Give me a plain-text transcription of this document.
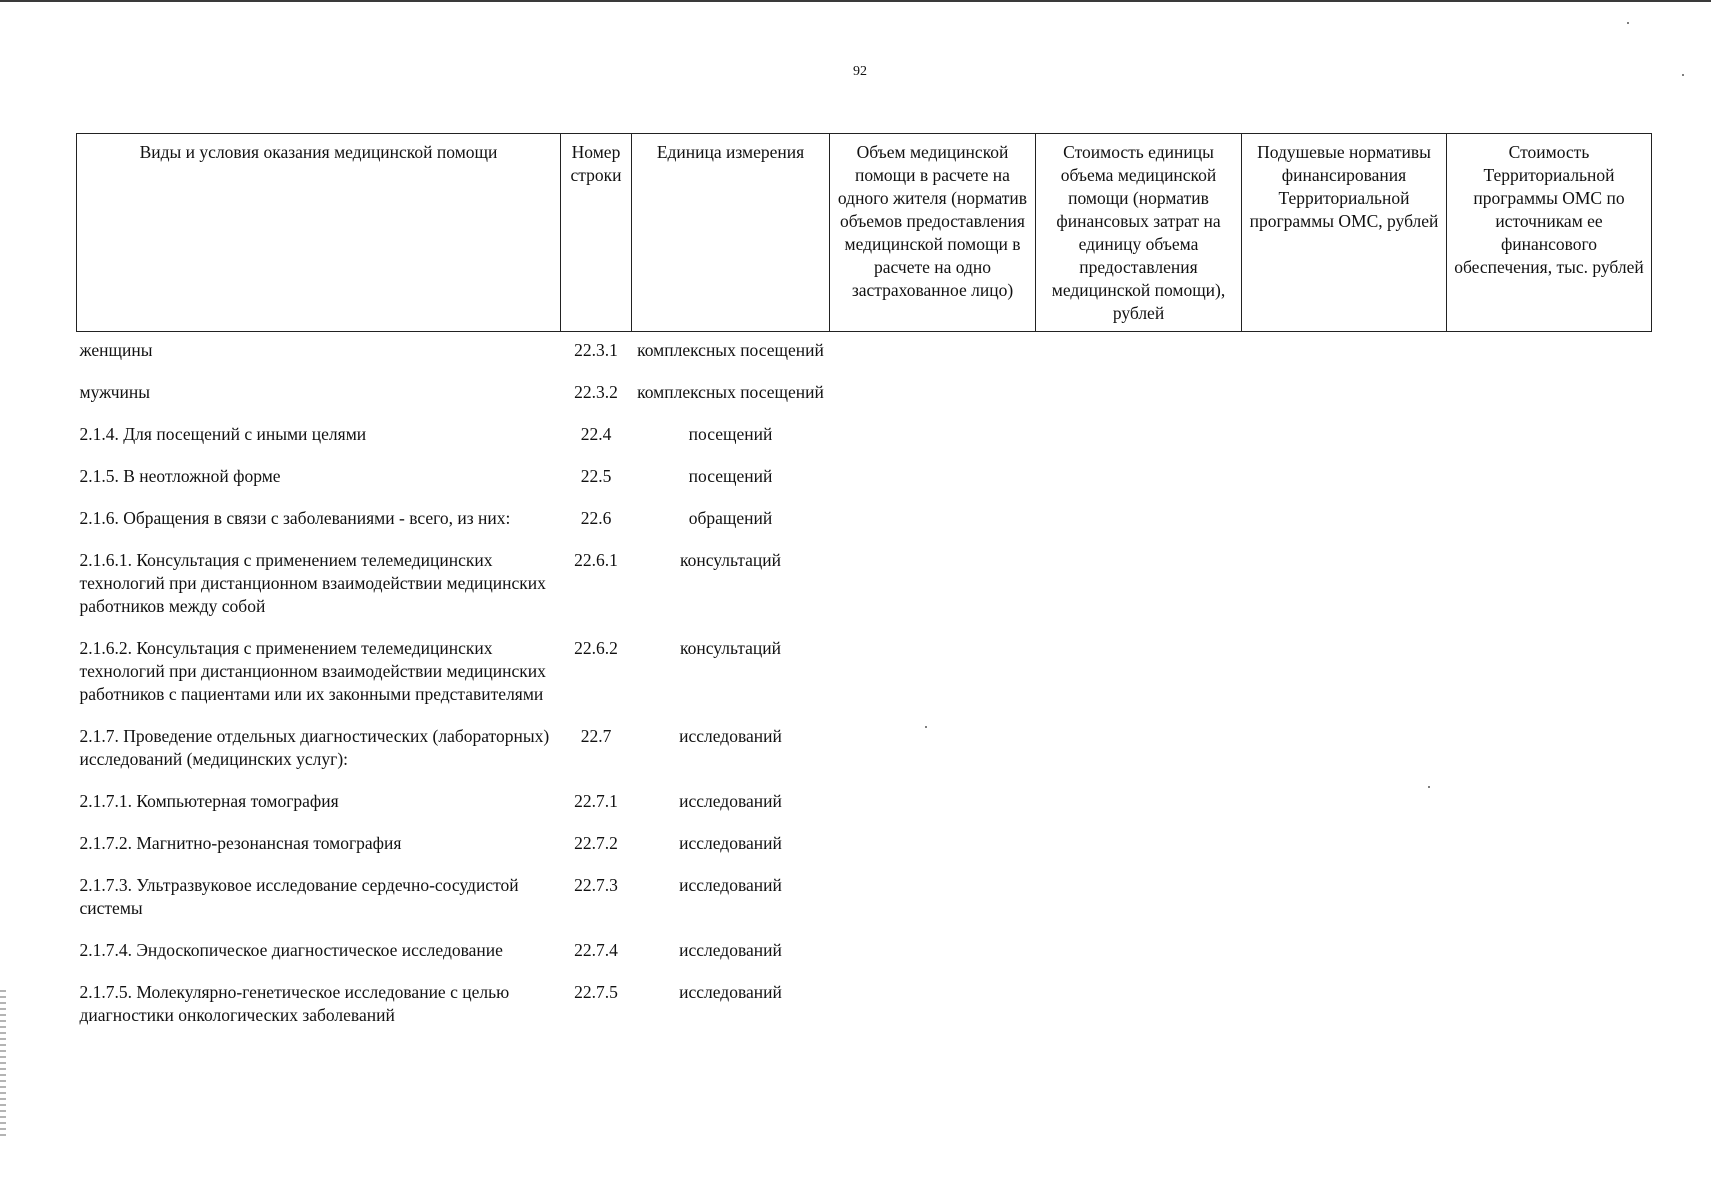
92
Виды и условия оказания медицинской помощи	Номер строки	Единица измерения	Объем медицинской помощи в расчете на одного жителя (норматив объемов предоставления медицинской помощи в расчете на одно застрахованное лицо)	Стоимость единицы объема медицинской помощи (норматив финансовых затрат на единицу объема предоставления медицинской помощи), рублей	Подушевые нормативы финансирования Территориальной программы ОМС, рублей	Стоимость Территориальной программы ОМС по источникам ее финансового обеспечения, тыс. рублей
женщины	22.3.1	комплексных посещений				
мужчины	22.3.2	комплексных посещений				
2.1.4. Для посещений с иными целями	22.4	посещений				
2.1.5. В неотложной форме	22.5	посещений				
2.1.6. Обращения в связи с заболеваниями - всего, из них:	22.6	обращений				
2.1.6.1. Консультация с применением телемедицинских технологий при дистанционном взаимодействии медицинских работников между собой	22.6.1	консультаций				
2.1.6.2. Консультация с применением телемедицинских технологий при дистанционном взаимодействии медицинских работников с пациентами или их законными представителями	22.6.2	консультаций				
2.1.7. Проведение отдельных диагностических (лабораторных) исследований (медицинских услуг):	22.7	исследований				
2.1.7.1. Компьютерная томография	22.7.1	исследований				
2.1.7.2. Магнитно-резонансная томография	22.7.2	исследований				
2.1.7.3. Ультразвуковое исследование сердечно-сосудистой системы	22.7.3	исследований				
2.1.7.4. Эндоскопическое диагностическое исследование	22.7.4	исследований				
2.1.7.5. Молекулярно-генетическое исследование с целью диагностики онкологических заболеваний	22.7.5	исследований				
